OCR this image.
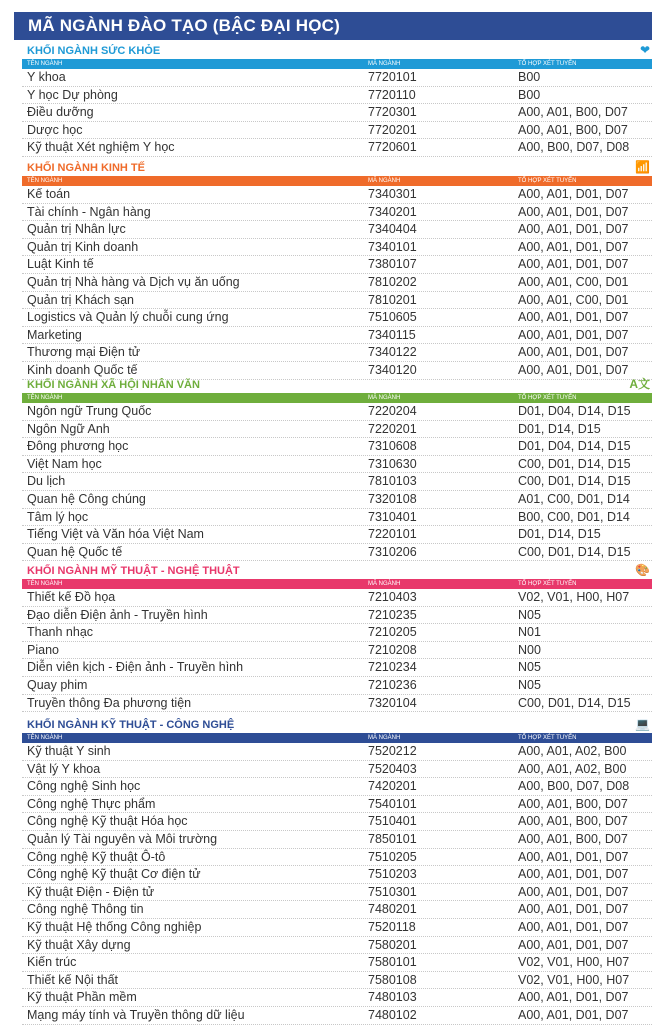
MÃ NGÀNH ĐÀO TẠO (BẬC ĐẠI HỌC)
KHỐI NGÀNH SỨC KHỎE	❤
TÊN NGÀNH	MÃ NGÀNH	TỔ HỢP XÉT TUYỂN
Y khoa	7720101	B00
Y học Dự phòng	7720110	B00
Điều dưỡng	7720301	A00, A01, B00, D07
Dược học	7720201	A00, A01, B00, D07
Kỹ thuật Xét nghiệm Y học	7720601	A00, B00, D07, D08
KHỐI NGÀNH KINH TẾ	📶
TÊN NGÀNH	MÃ NGÀNH	TỔ HỢP XÉT TUYỂN
Kế toán	7340301	A00, A01, D01, D07
Tài chính - Ngân hàng	7340201	A00, A01, D01, D07
Quản trị Nhân lực	7340404	A00, A01, D01, D07
Quản trị Kinh doanh	7340101	A00, A01, D01, D07
Luật Kinh tế	7380107	A00, A01, D01, D07
Quản trị Nhà hàng và Dịch vụ ăn uống	7810202	A00, A01, C00, D01
Quản trị Khách sạn	7810201	A00, A01, C00, D01
Logistics và Quản lý chuỗi cung ứng	7510605	A00, A01, D01, D07
Marketing	7340115	A00, A01, D01, D07
Thương mại Điện tử	7340122	A00, A01, D01, D07
Kinh doanh Quốc tế	7340120	A00, A01, D01, D07
KHỐI NGÀNH XÃ HỘI NHÂN VĂN	A文
TÊN NGÀNH	MÃ NGÀNH	TỔ HỢP XÉT TUYỂN
Ngôn ngữ Trung Quốc	7220204	D01, D04, D14, D15
Ngôn Ngữ Anh	7220201	D01, D14, D15
Đông phương học	7310608	D01, D04, D14, D15
Việt Nam học	7310630	C00, D01, D14, D15
Du lịch	7810103	C00, D01, D14, D15
Quan hệ Công chúng	7320108	A01, C00, D01, D14
Tâm lý học	7310401	B00, C00, D01, D14
Tiếng Việt và Văn hóa Việt Nam	7220101	D01, D14, D15
Quan hệ Quốc tế	7310206	C00, D01, D14, D15
KHỐI NGÀNH MỸ THUẬT - NGHỆ THUẬT	🎨
TÊN NGÀNH	MÃ NGÀNH	TỔ HỢP XÉT TUYỂN
Thiết kế Đồ họa	7210403	V02, V01, H00, H07
Đạo diễn Điện ảnh - Truyền hình	7210235	N05
Thanh nhạc	7210205	N01
Piano	7210208	N00
Diễn viên kịch - Điện ảnh - Truyền hình	7210234	N05
Quay phim	7210236	N05
Truyền thông Đa phương tiện	7320104	C00, D01, D14, D15
KHỐI NGÀNH KỸ THUẬT - CÔNG NGHỆ	💻
TÊN NGÀNH	MÃ NGÀNH	TỔ HỢP XÉT TUYỂN
Kỹ thuật Y sinh	7520212	A00, A01, A02, B00
Vật lý Y khoa	7520403	A00, A01, A02, B00
Công nghệ Sinh học	7420201	A00, B00, D07, D08
Công nghệ Thực phẩm	7540101	A00, A01, B00, D07
Công nghệ Kỹ thuật Hóa học	7510401	A00, A01, B00, D07
Quản lý Tài nguyên và Môi trường	7850101	A00, A01, B00, D07
Công nghệ Kỹ thuật Ô-tô	7510205	A00, A01, D01, D07
Công nghệ Kỹ thuật Cơ điện tử	7510203	A00, A01, D01, D07
Kỹ thuật Điện - Điện tử	7510301	A00, A01, D01, D07
Công nghệ Thông tin	7480201	A00, A01, D01, D07
Kỹ thuật Hệ thống Công nghiệp	7520118	A00, A01, D01, D07
Kỹ thuật Xây dựng	7580201	A00, A01, D01, D07
Kiến trúc	7580101	V02, V01, H00, H07
Thiết kế Nội thất	7580108	V02, V01, H00, H07
Kỹ thuật Phần mềm	7480103	A00, A01, D01, D07
Mạng máy tính và Truyền thông dữ liệu	7480102	A00, A01, D01, D07
